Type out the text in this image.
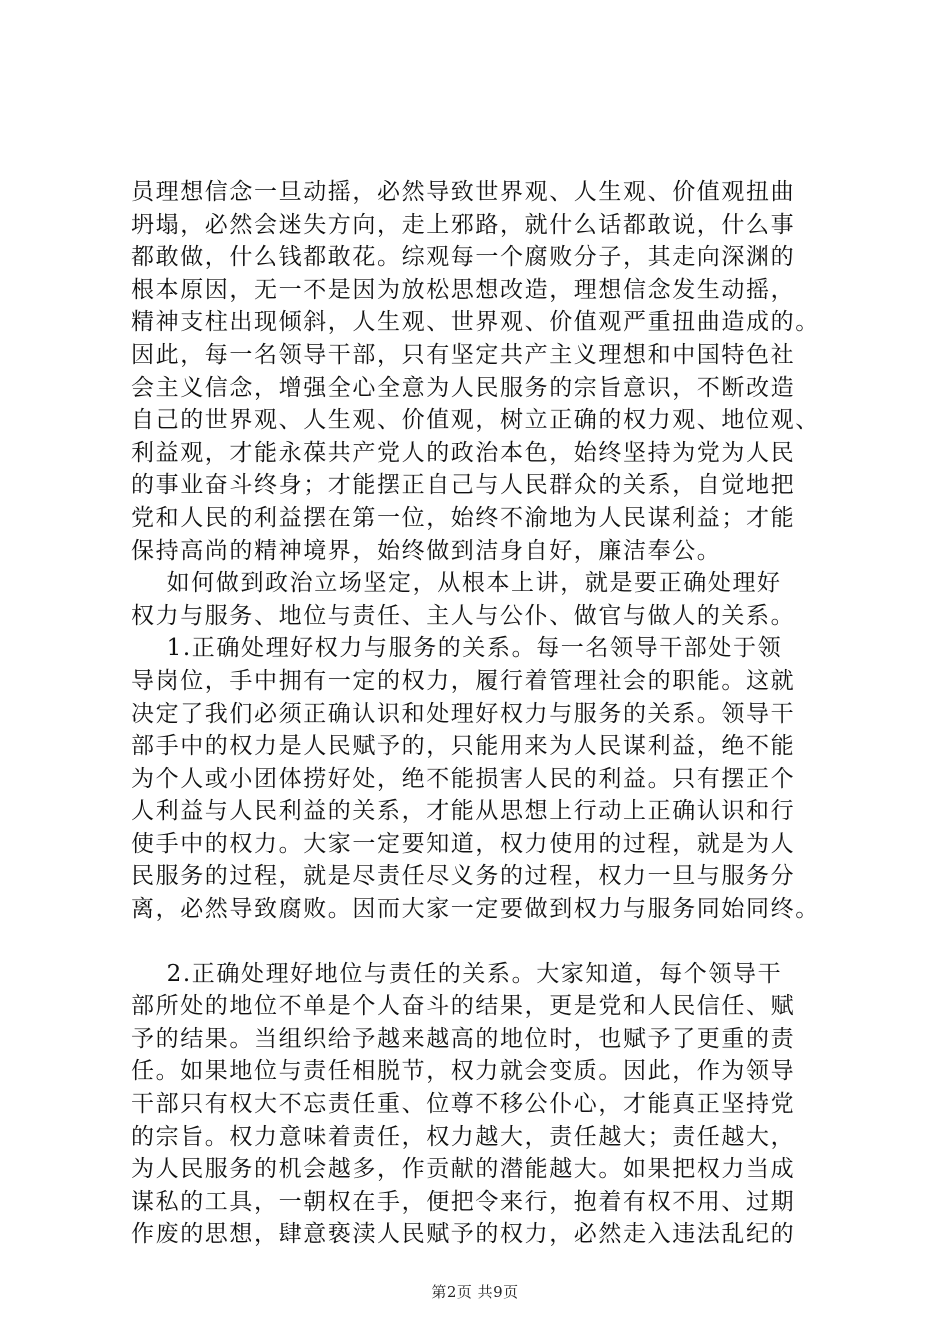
员理想信念一旦动摇，必然导致世界观、人生观、价值观扭曲

坍塌，必然会迷失方向，走上邪路，就什么话都敢说，什么事

都敢做，什么钱都敢花。综观每一个腐败分子，其走向深渊的

根本原因，无一不是因为放松思想改造，理想信念发生动摇，

精神支柱出现倾斜，人生观、世界观、价值观严重扭曲造成的。

因此，每一名领导干部，只有坚定共产主义理想和中国特色社

会主义信念，增强全心全意为人民服务的宗旨意识，不断改造

自己的世界观、人生观、价值观，树立正确的权力观、地位观、

利益观，才能永葆共产党人的政治本色，始终坚持为党为人民

的事业奋斗终身；才能摆正自己与人民群众的关系，自觉地把

党和人民的利益摆在第一位，始终不渝地为人民谋利益；才能

保持高尚的精神境界，始终做到洁身自好，廉洁奉公。

如何做到政治立场坚定，从根本上讲，就是要正确处理好

权力与服务、地位与责任、主人与公仆、做官与做人的关系。

1.正确处理好权力与服务的关系。每一名领导干部处于领

导岗位，手中拥有一定的权力，履行着管理社会的职能。这就

决定了我们必须正确认识和处理好权力与服务的关系。领导干

部手中的权力是人民赋予的，只能用来为人民谋利益，绝不能

为个人或小团体捞好处，绝不能损害人民的利益。只有摆正个

人利益与人民利益的关系，才能从思想上行动上正确认识和行

使手中的权力。大家一定要知道，权力使用的过程，就是为人

民服务的过程，就是尽责任尽义务的过程，权力一旦与服务分

离，必然导致腐败。因而大家一定要做到权力与服务同始同终。

2.正确处理好地位与责任的关系。大家知道，每个领导干

部所处的地位不单是个人奋斗的结果，更是党和人民信任、赋

予的结果。当组织给予越来越高的地位时，也赋予了更重的责

任。如果地位与责任相脱节，权力就会变质。因此，作为领导

干部只有权大不忘责任重、位尊不移公仆心，才能真正坚持党

的宗旨。权力意味着责任，权力越大，责任越大；责任越大，

为人民服务的机会越多，作贡献的潜能越大。如果把权力当成

谋私的工具，一朝权在手，便把令来行，抱着有权不用、过期

作废的思想，肆意亵渎人民赋予的权力，必然走入违法乱纪的

第2页 共9页
